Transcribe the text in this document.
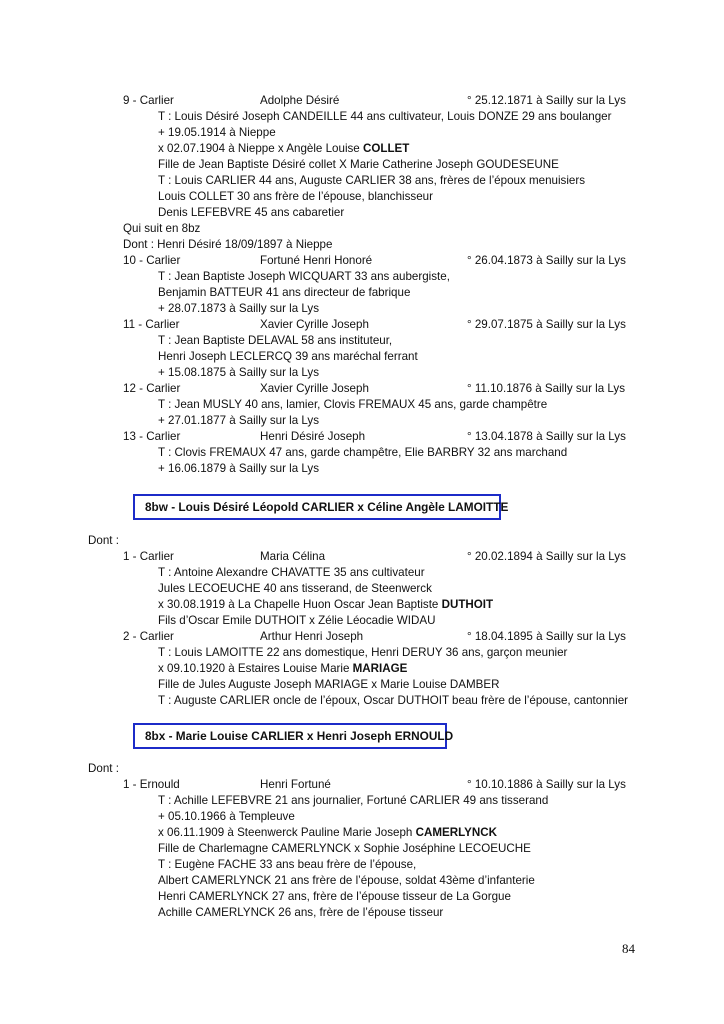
9 - Carlier	Adolphe Désiré	° 25.12.1871 à Sailly sur la Lys
T : Louis Désiré Joseph CANDEILLE 44 ans cultivateur, Louis DONZE 29 ans boulanger
+ 19.05.1914 à Nieppe
x 02.07.1904 à Nieppe x Angèle Louise COLLET
Fille de Jean Baptiste Désiré collet X Marie Catherine Joseph GOUDESEUNE
T : Louis CARLIER 44 ans, Auguste CARLIER 38 ans, frères de l’époux menuisiers
Louis COLLET 30 ans frère de l’épouse, blanchisseur
Denis LEFEBVRE 45 ans cabaretier
Qui suit en 8bz
Dont : Henri Désiré 18/09/1897 à Nieppe
10 - Carlier	Fortuné Henri Honoré	° 26.04.1873 à Sailly sur la Lys
T : Jean Baptiste Joseph WICQUART 33 ans aubergiste,
Benjamin BATTEUR 41 ans directeur de fabrique
+ 28.07.1873 à Sailly sur la Lys
11 - Carlier	Xavier Cyrille Joseph	° 29.07.1875 à Sailly sur la Lys
T : Jean Baptiste DELAVAL 58 ans instituteur,
Henri Joseph LECLERCQ 39 ans maréchal ferrant
+ 15.08.1875 à Sailly sur la Lys
12 - Carlier	Xavier Cyrille Joseph	° 11.10.1876 à Sailly sur la Lys
T : Jean MUSLY 40 ans, lamier, Clovis FREMAUX 45 ans, garde champêtre
+ 27.01.1877 à Sailly sur la Lys
13 - Carlier	Henri Désiré Joseph	° 13.04.1878 à Sailly sur la Lys
T : Clovis FREMAUX 47 ans, garde champêtre, Elie BARBRY 32 ans marchand
+ 16.06.1879 à Sailly sur la Lys
8bw - Louis Désiré Léopold CARLIER x Céline Angèle LAMOITTE
Dont :
1 - Carlier	Maria Célina	° 20.02.1894 à Sailly sur la Lys
T : Antoine Alexandre CHAVATTE 35 ans cultivateur
Jules LECOEUCHE 40 ans tisserand, de Steenwerck
x 30.08.1919 à La Chapelle Huon Oscar Jean Baptiste DUTHOIT
Fils d’Oscar Emile DUTHOIT x Zélie Léocadie WIDAU
2 - Carlier	Arthur Henri Joseph	° 18.04.1895 à Sailly sur la Lys
T : Louis LAMOITTE 22 ans domestique, Henri DERUY 36 ans, garçon meunier
x 09.10.1920 à Estaires Louise Marie MARIAGE
Fille de Jules Auguste Joseph MARIAGE x Marie Louise DAMBER
T : Auguste CARLIER oncle de l’époux, Oscar DUTHOIT beau frère de l’épouse, cantonnier
8bx - Marie Louise CARLIER x Henri Joseph ERNOULD
Dont :
1 - Ernould	Henri Fortuné	° 10.10.1886 à Sailly sur la Lys
T : Achille LEFEBVRE 21 ans journalier, Fortuné CARLIER 49 ans tisserand
+ 05.10.1966 à Templeuve
x 06.11.1909 à Steenwerck Pauline Marie Joseph CAMERLYNCK
Fille de Charlemagne CAMERLYNCK x Sophie Joséphine LECOEUCHE
T : Eugène FACHE 33 ans beau frère de l’épouse,
Albert CAMERLYNCK 21 ans frère de l’épouse, soldat 43ème d’infanterie
Henri CAMERLYNCK 27 ans, frère de l’épouse tisseur de La Gorgue
Achille CAMERLYNCK 26 ans, frère de l’épouse tisseur
84
